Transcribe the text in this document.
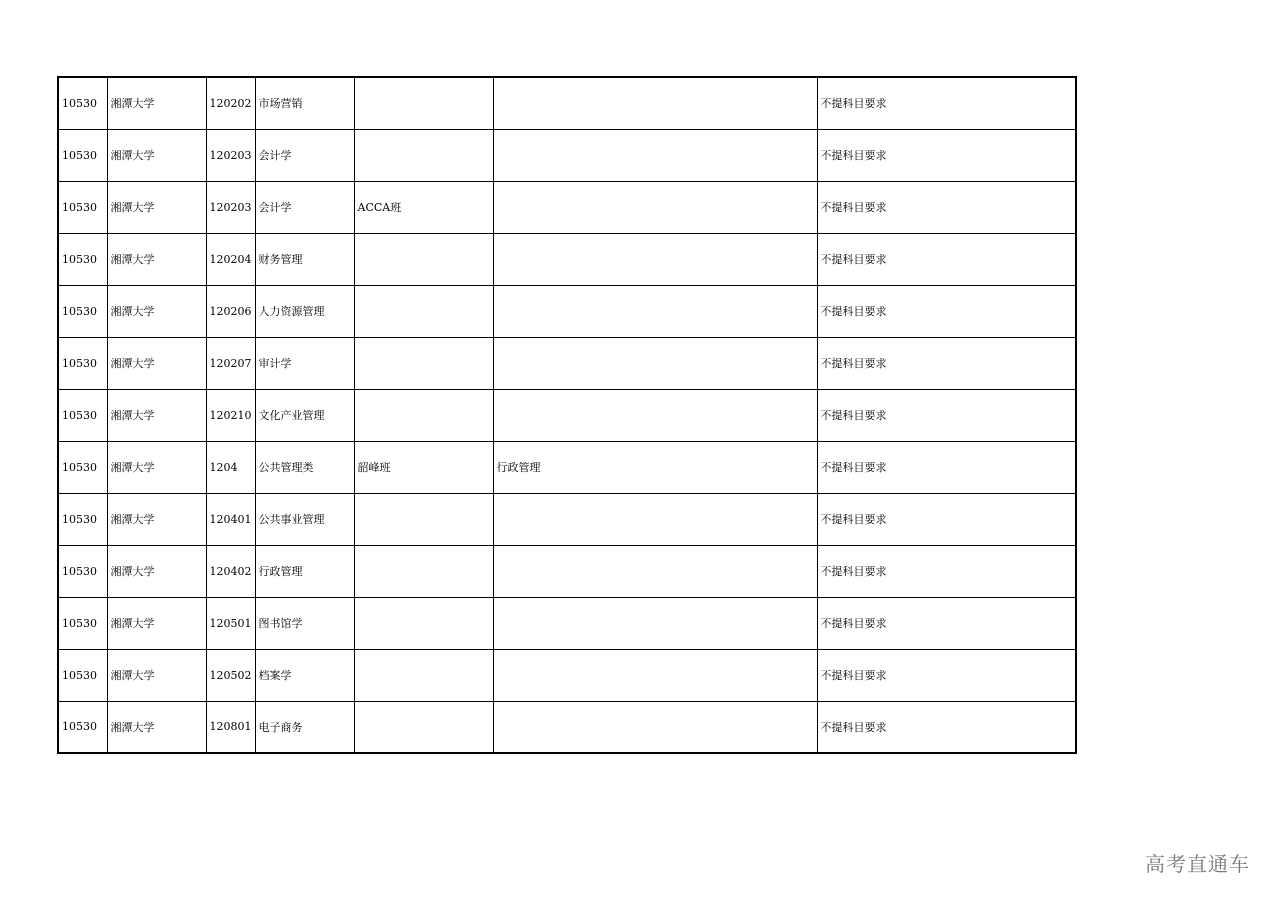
10530	湘潭大学	120202	市场营销			不提科目要求
10530	湘潭大学	120203	会计学			不提科目要求
10530	湘潭大学	120203	会计学	ACCA班		不提科目要求
10530	湘潭大学	120204	财务管理			不提科目要求
10530	湘潭大学	120206	人力资源管理			不提科目要求
10530	湘潭大学	120207	审计学			不提科目要求
10530	湘潭大学	120210	文化产业管理			不提科目要求
10530	湘潭大学	1204	公共管理类	韶峰班	行政管理	不提科目要求
10530	湘潭大学	120401	公共事业管理			不提科目要求
10530	湘潭大学	120402	行政管理			不提科目要求
10530	湘潭大学	120501	图书馆学			不提科目要求
10530	湘潭大学	120502	档案学			不提科目要求
10530	湘潭大学	120801	电子商务			不提科目要求
高考直通车
